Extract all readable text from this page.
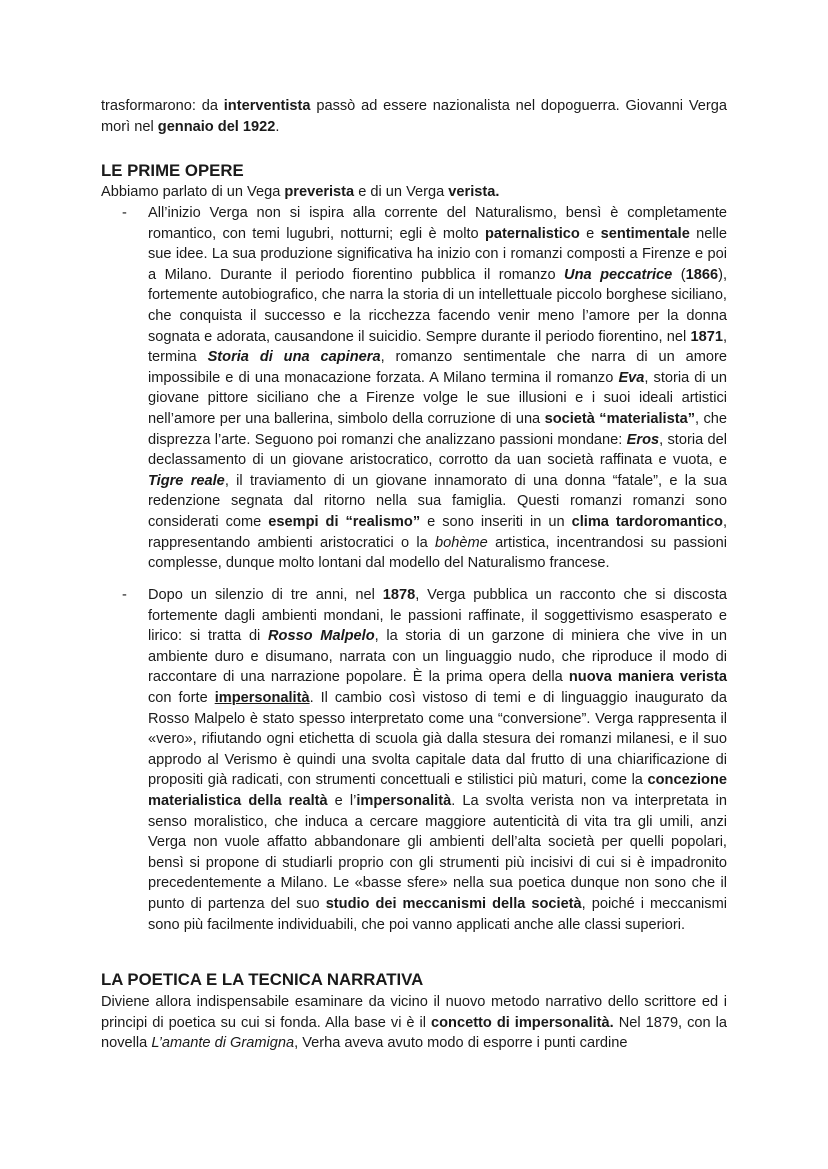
trasformarono: da interventista passò ad essere nazionalista nel dopoguerra. Giovanni Verga morì nel gennaio del 1922.

LE PRIME OPERE

Abbiamo parlato di un Vega preverista e di un Verga verista.

- All’inizio Verga non si ispira alla corrente del Naturalismo, bensì è completamente romantico, con temi lugubri, notturni; egli è molto paternalistico e sentimentale nelle sue idee. La sua produzione significativa ha inizio con i romanzi composti a Firenze e poi a Milano. Durante il periodo fiorentino pubblica il romanzo Una peccatrice (1866), fortemente autobiografico, che narra la storia di un intellettuale piccolo borghese siciliano, che conquista il successo e la ricchezza facendo venir meno l’amore per la donna sognata e adorata, causandone il suicidio. Sempre durante il periodo fiorentino, nel 1871, termina Storia di una capinera, romanzo sentimentale che narra di un amore impossibile e di una monacazione forzata. A Milano termina il romanzo Eva, storia di un giovane pittore siciliano che a Firenze volge le sue illusioni e i suoi ideali artistici nell’amore per una ballerina, simbolo della corruzione di una società “materialista”, che disprezza l’arte. Seguono poi romanzi che analizzano passioni mondane: Eros, storia del declassamento di un giovane aristocratico, corrotto da uan società raffinata e vuota, e Tigre reale, il traviamento di un giovane innamorato di una donna “fatale”, e la sua redenzione segnata dal ritorno nella sua famiglia. Questi romanzi romanzi sono considerati come esempi di “realismo” e sono inseriti in un clima tardoromantico, rappresentando ambienti aristocratici o la bohème artistica, incentrandosi su passioni complesse, dunque molto lontani dal modello del Naturalismo francese.

- Dopo un silenzio di tre anni, nel 1878, Verga pubblica un racconto che si discosta fortemente dagli ambienti mondani, le passioni raffinate, il soggettivismo esasperato e lirico: si tratta di Rosso Malpelo, la storia di un garzone di miniera che vive in un ambiente duro e disumano, narrata con un linguaggio nudo, che riproduce il modo di raccontare di una narrazione popolare. È la prima opera della nuova maniera verista con forte impersonalità. Il cambio così vistoso di temi e di linguaggio inaugurato da Rosso Malpelo è stato spesso interpretato come una “conversione”. Verga rappresenta il «vero», rifiutando ogni etichetta di scuola già dalla stesura dei romanzi milanesi, e il suo approdo al Verismo è quindi una svolta capitale data dal frutto di una chiarificazione di propositi già radicati, con strumenti concettuali e stilistici più maturi, come la concezione materialistica della realtà e l’impersonalità. La svolta verista non va interpretata in senso moralistico, che induca a cercare maggiore autenticità di vita tra gli umili, anzi Verga non vuole affatto abbandonare gli ambienti dell’alta società per quelli popolari, bensì si propone di studiarli proprio con gli strumenti più incisivi di cui si è impadronito precedentemente a Milano. Le «basse sfere» nella sua poetica dunque non sono che il punto di partenza del suo studio dei meccanismi della società, poiché i meccanismi sono più facilmente individuabili, che poi vanno applicati anche alle classi superiori.

LA POETICA E LA TECNICA NARRATIVA

Diviene allora indispensabile esaminare da vicino il nuovo metodo narrativo dello scrittore ed i principi di poetica su cui si fonda. Alla base vi è il concetto di impersonalità. Nel 1879, con la novella L’amante di Gramigna, Verha aveva avuto modo di esporre i punti cardine
